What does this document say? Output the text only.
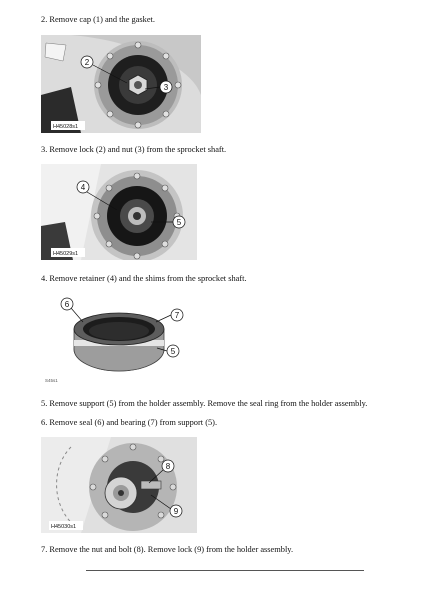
2. Remove cap (1) and the gasket.
2
3
H45028s1
3. Remove lock (2) and nut (3) from the sprocket shaft.
4
5
H45029s1
4. Remove retainer (4) and the shims from the sprocket shaft.
6
7
5
S45s1
5. Remove support (5) from the holder assembly. Remove the seal ring from the holder assembly.
6. Remove seal (6) and bearing (7) from support (5).
8
9
H45030s1
7. Remove the nut and bolt (8). Remove lock (9) from the holder assembly.
